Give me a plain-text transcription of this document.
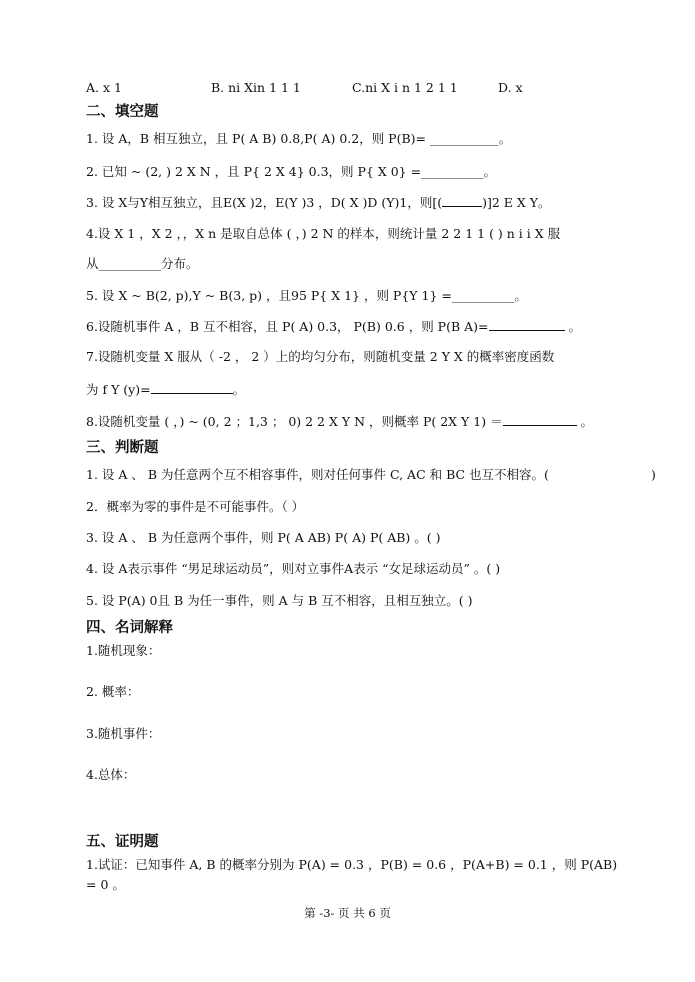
A. x 1	B. ni Xin 1 1 1	C.ni X i n 1 2 1 1	D. x
二、填空题
1. 设 A，B 相互独立，且 P( A B) 0.8,P( A) 0.2，则 P(B)= ___________。
2. 已知 ~ (2, ) 2 X N ，且 P{ 2 X 4} 0.3，则 P{ X 0} =__________。
3. 设 X与Y相互独立，且E(X )2，E(Y )3 ，D( X )D (Y)1，则[(	)]2 E X Y。
4.设 X 1 ，X 2 ，，X n 是取自总体 ( ，) 2 N 的样本，则统计量 2 2 1 1 ( ) n i i X 服
从__________分布。
5. 设 X ~ B(2, p),Y ~ B(3, p) ，且95 P{ X 1} ，则 P{Y 1} =__________。
6.设随机事件 A ，B 互不相容，且 P( A) 0.3， P(B) 0.6 ，则 P(B A)=	。
7.设随机变量 X 服从（ -2 ， 2 ）上的均匀分布，则随机变量 2 Y X 的概率密度函数
为 f Y (y)=	。
8.设随机变量 ( ，) ~ (0, 2 ；1,3 ； 0) 2 2 X Y N ，则概率 P( 2X Y 1) ＝	。
三、判断题
1. 设 A 、 B 为任意两个互不相容事件，则对任何事件 C, AC 和 BC 也互不相容。(	)
2．概率为零的事件是不可能事件。（ ）
3. 设 A 、 B 为任意两个事件，则 P( A AB) P( A) P( AB) 。( )
4. 设 A表示事件 “男足球运动员”，则对立事件A表示 “女足球运动员” 。( )
5. 设 P(A) 0且 B 为任一事件，则 A 与 B 互不相容，且相互独立。( )
四、名词解释
1.随机现象：
2. 概率：
3.随机事件：
4.总体：
五、证明题
1.试证：已知事件 A, B 的概率分别为 P(A) = 0.3 ，P(B) = 0.6 ，P(A+B) = 0.1 ，则 P(AB)
= 0 。
第 -3- 页 共 6 页
